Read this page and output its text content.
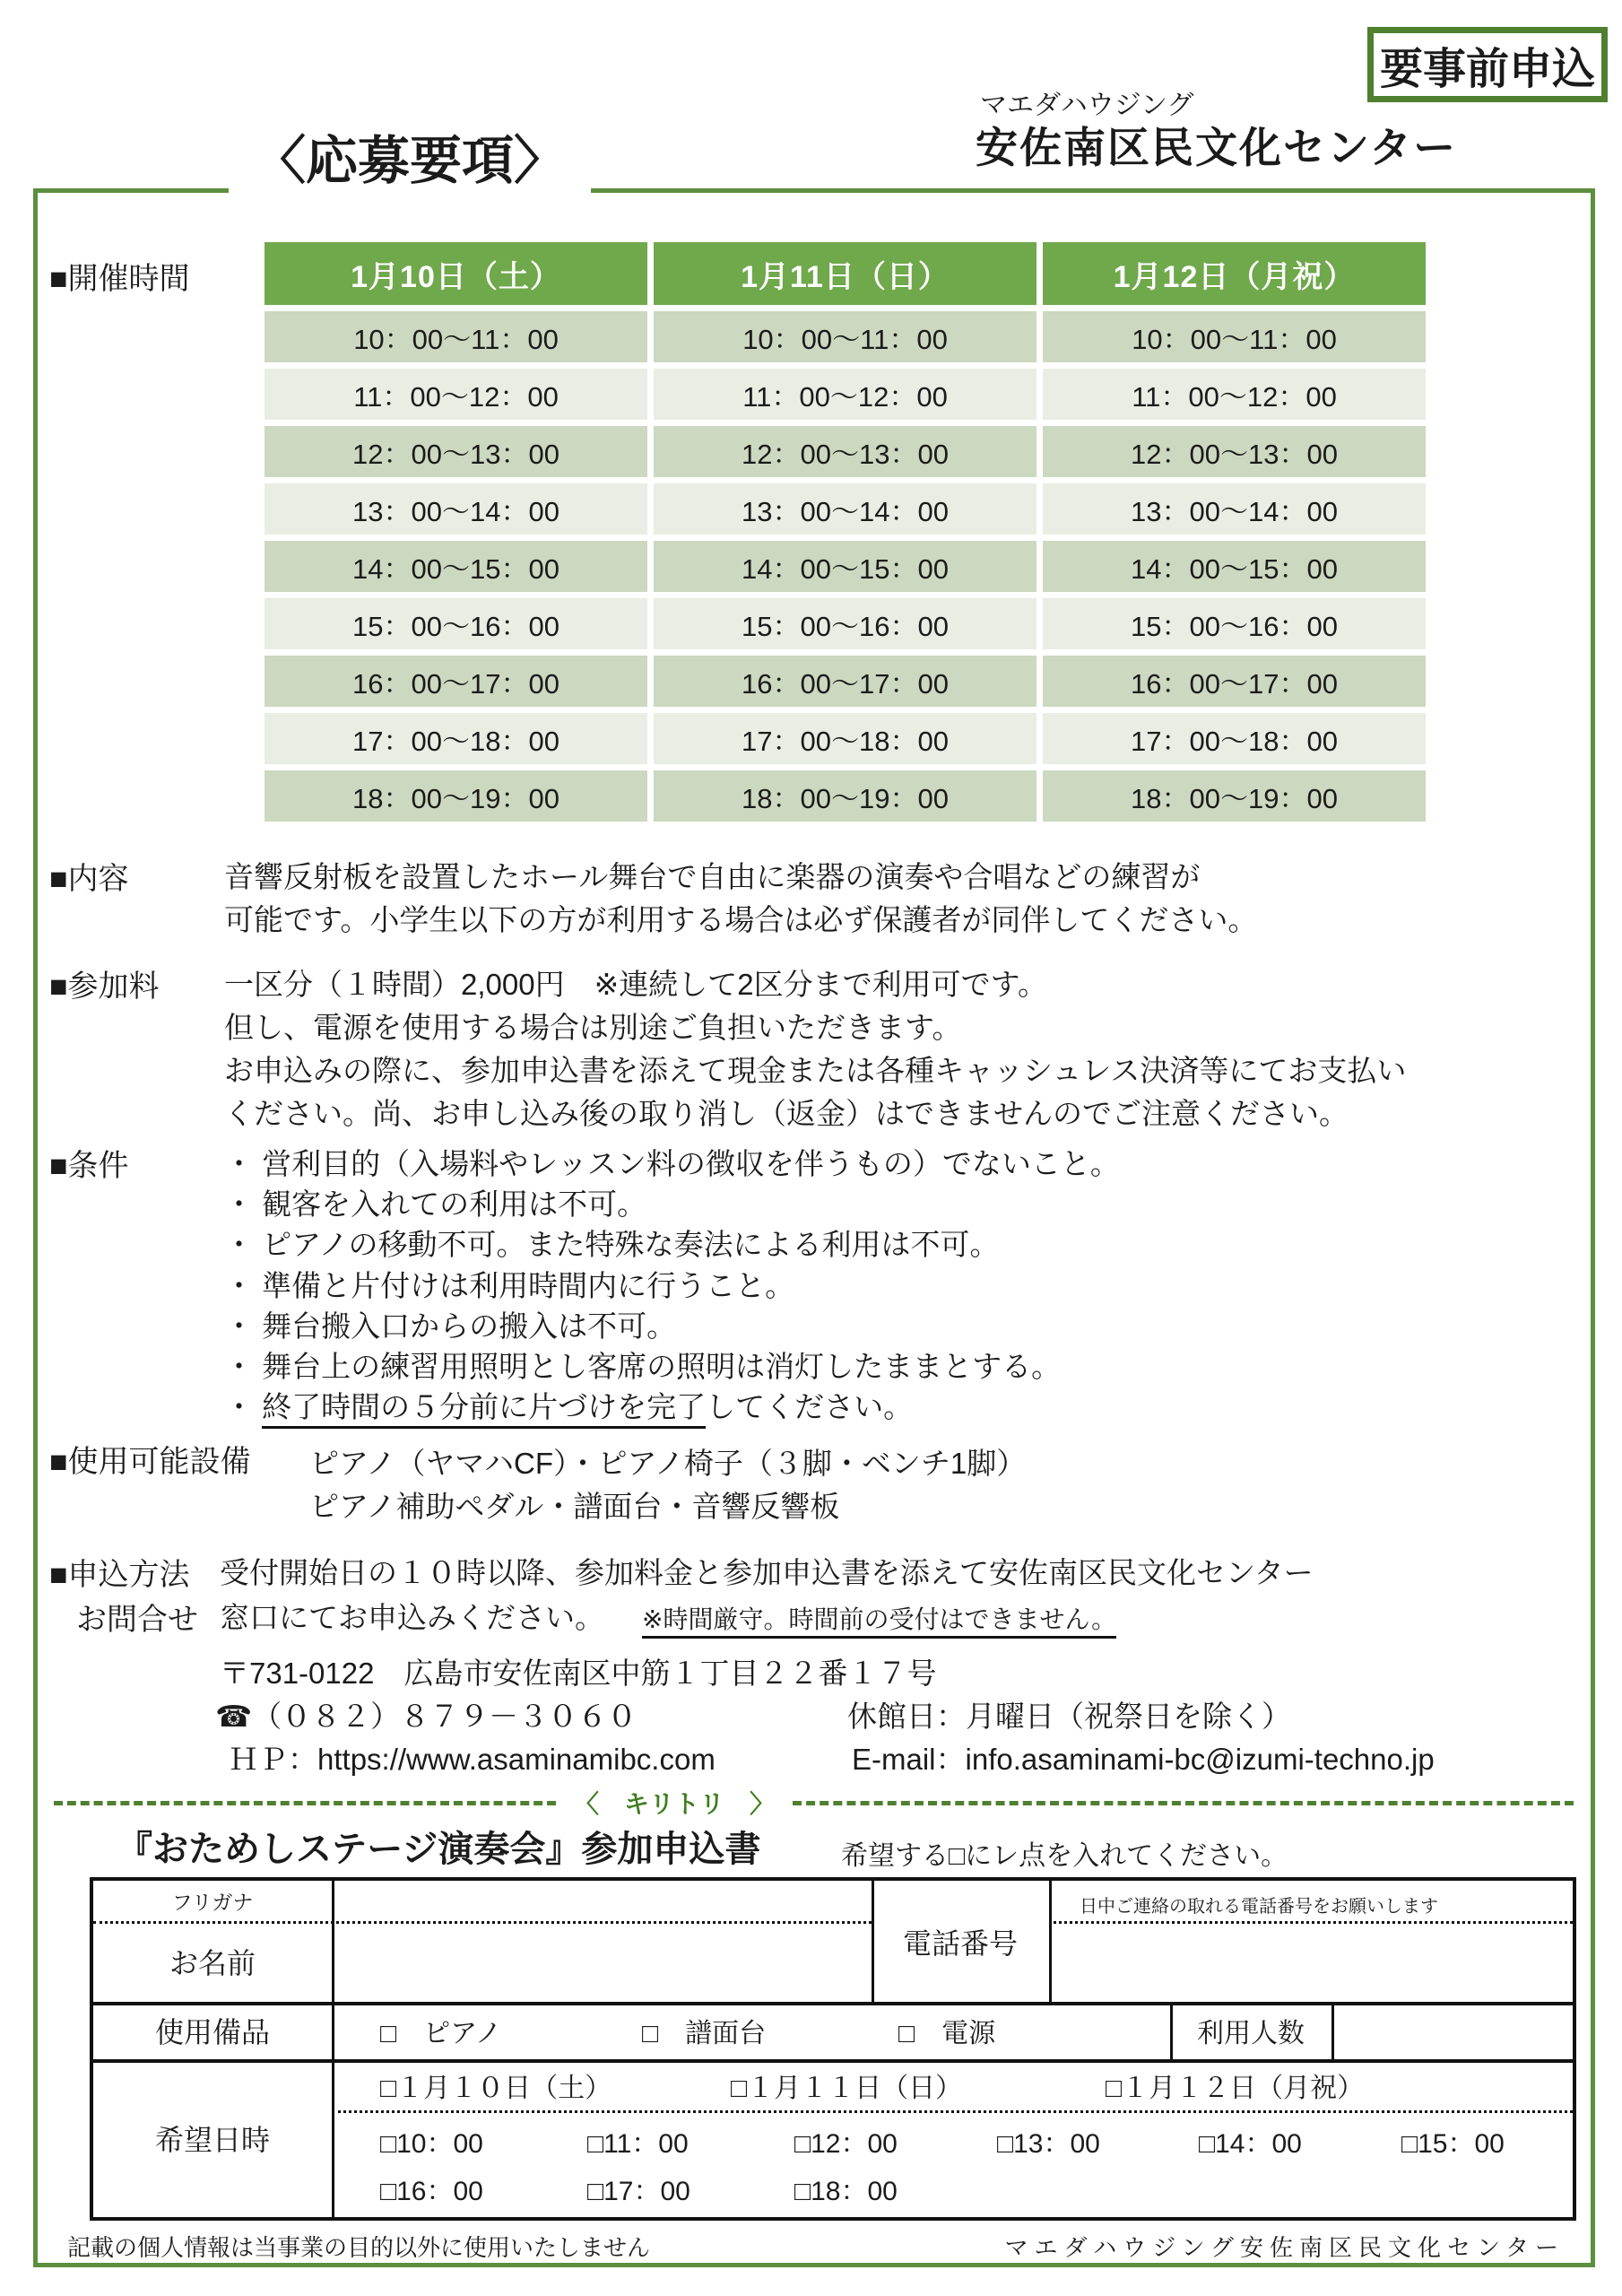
要事前申込
マエダハウジング
安佐南区民文化センター
〈応募要項〉
■開催時間	1月10日（土）	1月11日（日）	1月12日（月祝）
10：00～11：00	10：00～11：00	10：00～11：00
11：00～12：00	11：00～12：00	11：00～12：00
12：00～13：00	12：00～13：00	12：00～13：00
13：00～14：00	13：00～14：00	13：00～14：00
14：00～15：00	14：00～15：00	14：00～15：00
15：00～16：00	15：00～16：00	15：00～16：00
16：00～17：00	16：00～17：00	16：00～17：00
17：00～18：00	17：00～18：00	17：00～18：00
18：00～19：00	18：00～19：00	18：00～19：00
■内容	音響反射板を設置したホール舞台で自由に楽器の演奏や合唱などの練習が
可能です。小学生以下の方が利用する場合は必ず保護者が同伴してください。
■参加料 一区分（１時間）2,000円　※連続して2区分まで利用可です。
但し、電源を使用する場合は別途ご負担いただきます。
お申込みの際に、参加申込書を添えて現金または各種キャッシュレス決済等にてお支払い
ください。尚、お申し込み後の取り消し（返金）はできませんのでご注意ください。
■条件	・ 営利目的（入場料やレッスン料の徴収を伴うもの）でないこと。
・ 観客を入れての利用は不可。
・ ピアノの移動不可。また特殊な奏法による利用は不可。
・ 準備と片付けは利用時間内に行うこと。
・ 舞台搬入口からの搬入は不可。
・ 舞台上の練習用照明とし客席の照明は消灯したままとする。
・ 終了時間の５分前に片づけを完了してください。
■使用可能設備 ピアノ（ヤマハCF）・ピアノ椅子（３脚・ベンチ1脚）
ピアノ補助ペダル・譜面台・音響反響板
■申込方法
お問合せ
受付開始日の１０時以降、参加料金と参加申込書を添えて安佐南区民文化センター
窓口にてお申込みください。 ※時間厳守。時間前の受付はできません。
〒731-0122　広島市安佐南区中筋１丁目２２番１７号
☎（０８２）８７９－３０６０	休館日：月曜日（祝祭日を除く）
ＨＰ：https://www.asaminamibc.com	E-mail：info.asaminami-bc@izumi-techno.jp
〈　キリトリ　〉
『おためしステージ演奏会』参加申込書	希望する□にレ点を入れてください。
フリガナ
お名前
電話番号
日中ご連絡の取れる電話番号をお願いします
使用備品	□　ピアノ	□　譜面台	□　電源	利用人数
希望日時
□１月１０日（土）	□１月１１日（日）	□１月１２日（月祝）
□10：00	□11：00	□12：00	□13：00	□14：00	□15：00
□16：00	□17：00	□18：00
記載の個人情報は当事業の目的以外に使用いたしません	マエダハウジング安佐南区民文化センター
